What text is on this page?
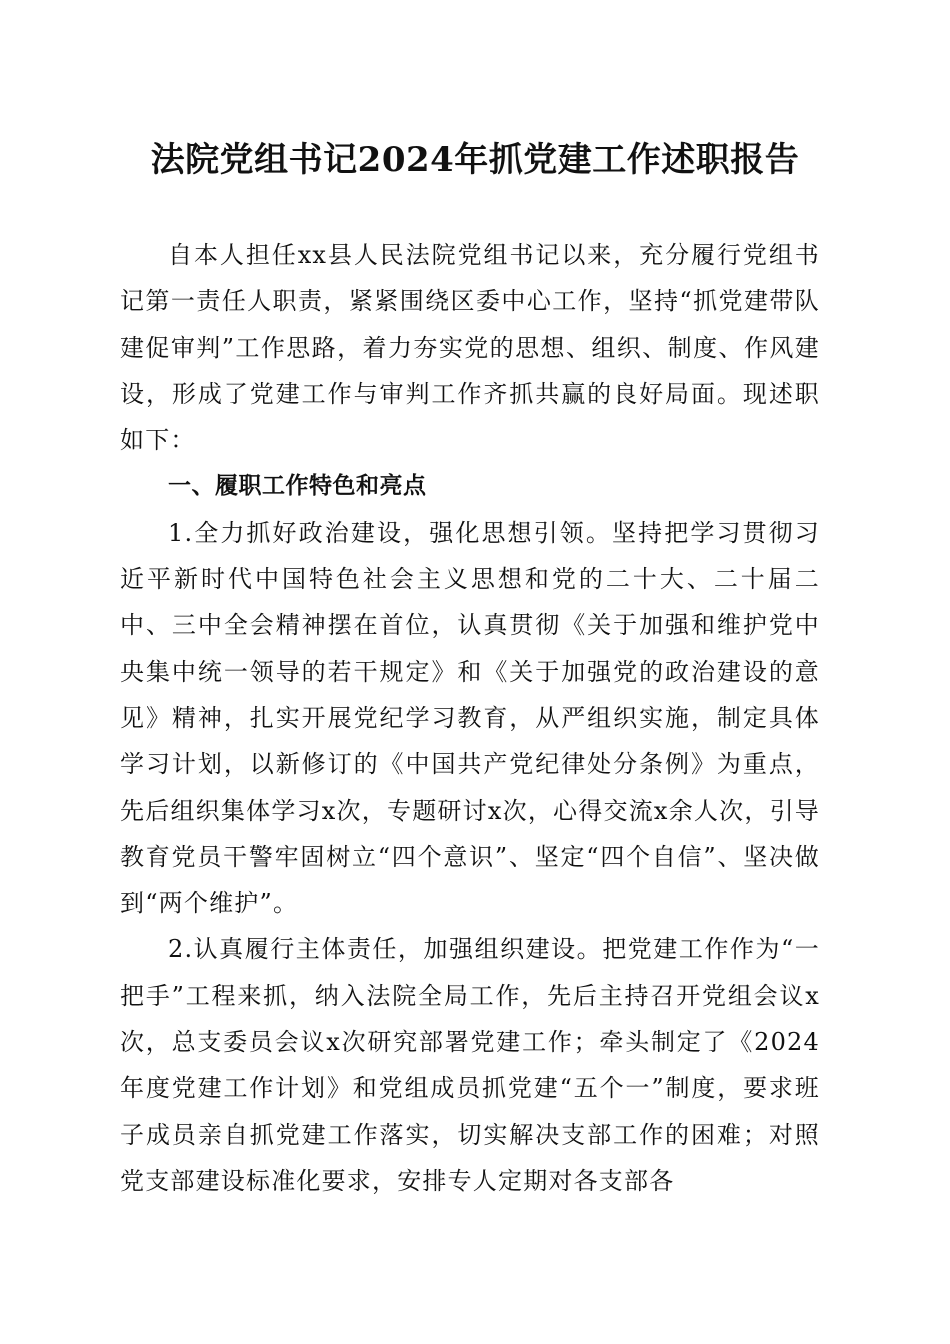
法院党组书记2024年抓党建工作述职报告

自本人担任xx县人民法院党组书记以来，充分履行党组书记第一责任人职责，紧紧围绕区委中心工作，坚持“抓党建带队建促审判”工作思路，着力夯实党的思想、组织、制度、作风建设，形成了党建工作与审判工作齐抓共赢的良好局面。现述职如下：

一、履职工作特色和亮点

1.全力抓好政治建设，强化思想引领。坚持把学习贯彻习近平新时代中国特色社会主义思想和党的二十大、二十届二中、三中全会精神摆在首位，认真贯彻《关于加强和维护党中央集中统一领导的若干规定》和《关于加强党的政治建设的意见》精神，扎实开展党纪学习教育，从严组织实施，制定具体学习计划，以新修订的《中国共产党纪律处分条例》为重点，先后组织集体学习x次，专题研讨x次，心得交流x余人次，引导教育党员干警牢固树立“四个意识”、坚定“四个自信”、坚决做到“两个维护”。

2.认真履行主体责任，加强组织建设。把党建工作作为“一把手”工程来抓，纳入法院全局工作，先后主持召开党组会议x次，总支委员会议x次研究部署党建工作；牵头制定了《2024年度党建工作计划》和党组成员抓党建“五个一”制度，要求班子成员亲自抓党建工作落实，切实解决支部工作的困难；对照党支部建设标准化要求，安排专人定期对各支部各
